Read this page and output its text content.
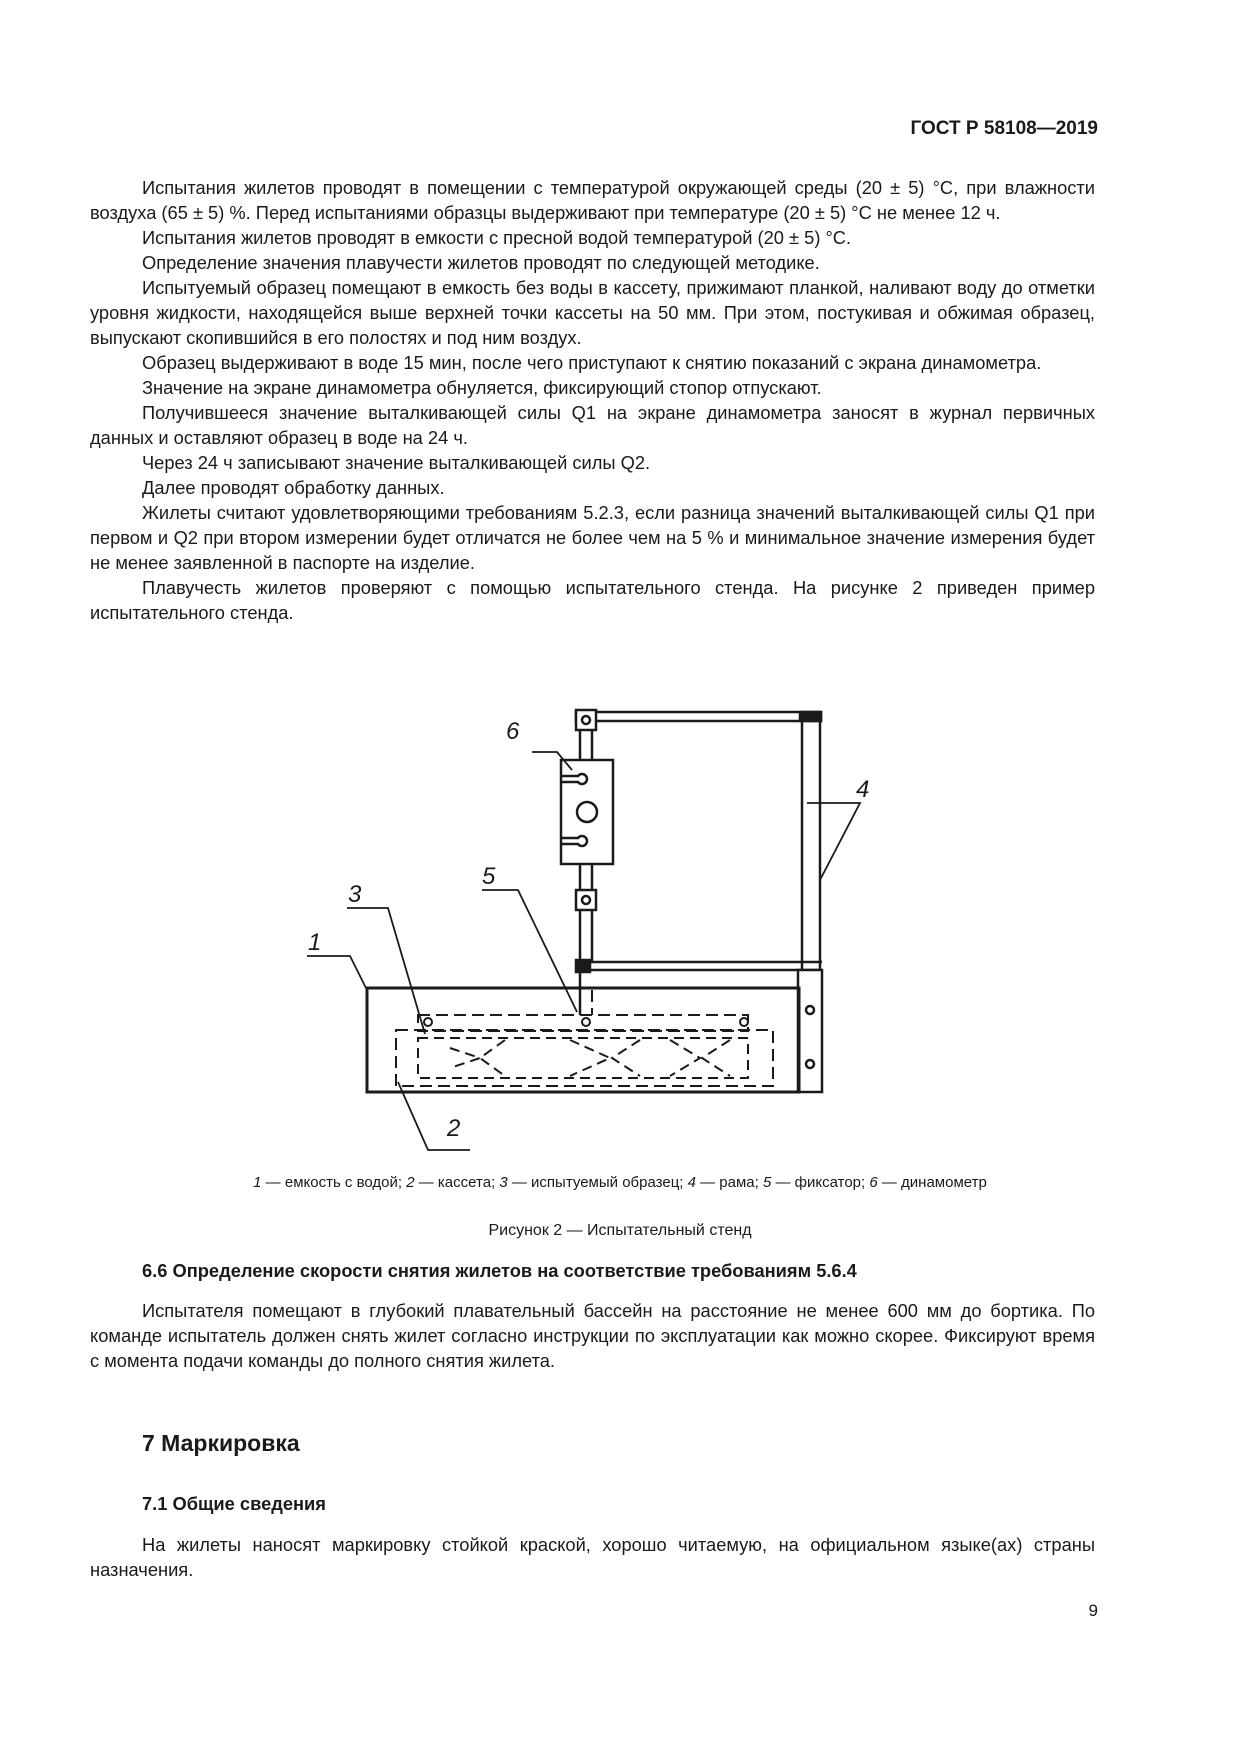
ГОСТ Р 58108—2019

Испытания жилетов проводят в помещении с температурой окружающей среды (20 ± 5) °С, при влажности воздуха (65 ± 5) %. Перед испытаниями образцы выдерживают при температуре (20 ± 5) °С не менее 12 ч.

Испытания жилетов проводят в емкости с пресной водой температурой (20 ± 5) °С.

Определение значения плавучести жилетов проводят по следующей методике.

Испытуемый образец помещают в емкость без воды в кассету, прижимают планкой, наливают воду до отметки уровня жидкости, находящейся выше верхней точки кассеты на 50 мм. При этом, постукивая и обжимая образец, выпускают скопившийся в его полостях и под ним воздух.

Образец выдерживают в воде 15 мин, после чего приступают к снятию показаний с экрана динамометра.

Значение на экране динамометра обнуляется, фиксирующий стопор отпускают.

Получившееся значение выталкивающей силы Q1 на экране динамометра заносят в журнал первичных данных и оставляют образец в воде на 24 ч.

Через 24 ч записывают значение выталкивающей силы Q2.

Далее проводят обработку данных.

Жилеты считают удовлетворяющими требованиям 5.2.3, если разница значений выталкивающей силы Q1 при первом и Q2 при втором измерении будет отличатся не более чем на 5 % и минимальное значение измерения будет не менее заявленной в паспорте на изделие.

Плавучесть жилетов проверяют с помощью испытательного стенда. На рисунке 2 приведен пример испытательного стенда.

1
2
3
4
5
6
1 — емкость с водой; 2 — кассета; 3 — испытуемый образец; 4 — рама; 5 — фиксатор; 6 — динамометр
Рисунок 2 — Испытательный стенд
6.6 Определение скорости снятия жилетов на соответствие требованиям 5.6.4

Испытателя помещают в глубокий плавательный бассейн на расстояние не менее 600 мм до бортика. По команде испытатель должен снять жилет согласно инструкции по эксплуатации как можно скорее. Фиксируют время с момента подачи команды до полного снятия жилета.

7 Маркировка
7.1 Общие сведения

На жилеты наносят маркировку стойкой краской, хорошо читаемую, на официальном языке(ах) страны назначения.

9
